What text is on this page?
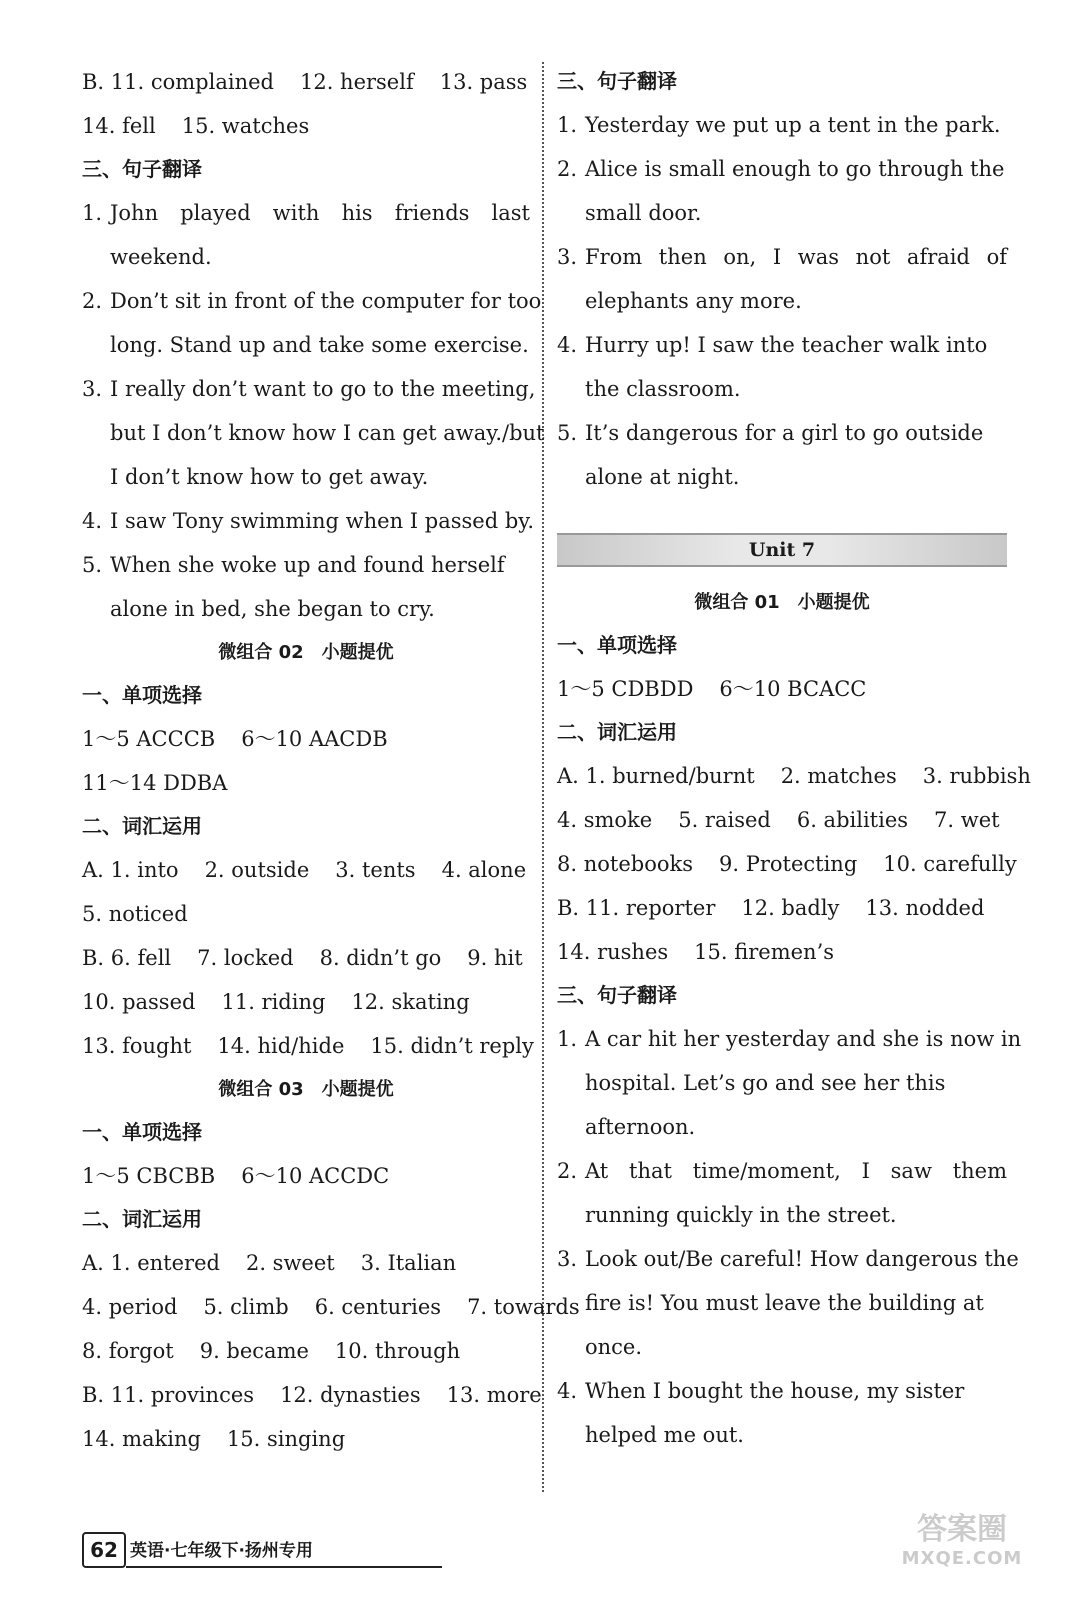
B. 11. complained 12. herself 13. pass
14. fell 15. watches
三、句子翻译
1. John played with his friends last
weekend.
2. Don’t sit in front of the computer for too
long. Stand up and take some exercise.
3. I really don’t want to go to the meeting,
but I don’t know how I can get away./but
I don’t know how to get away.
4. I saw Tony swimming when I passed by.
5. When she woke up and found herself
alone in bed, she began to cry.
微组合 02　小题提优
一、单项选择
1～5 ACCCB 6～10 AACDB
11～14 DDBA
二、词汇运用
A. 1. into 2. outside 3. tents 4. alone
5. noticed
B. 6. fell 7. locked 8. didn’t go 9. hit
10. passed 11. riding 12. skating
13. fought 14. hid/hide 15. didn’t reply
微组合 03　小题提优
一、单项选择
1～5 CBCBB 6～10 ACCDC
二、词汇运用
A. 1. entered 2. sweet 3. Italian
4. period 5. climb 6. centuries 7. towards
8. forgot 9. became 10. through
B. 11. provinces 12. dynasties 13. more
14. making 15. singing
三、句子翻译
1. Yesterday we put up a tent in the park.
2. Alice is small enough to go through the
small door.
3. From then on, I was not afraid of
elephants any more.
4. Hurry up! I saw the teacher walk into
the classroom.
5. It’s dangerous for a girl to go outside
alone at night.
Unit 7
微组合 01　小题提优
一、单项选择
1～5 CDBDD 6～10 BCACC
二、词汇运用
A. 1. burned/burnt 2. matches 3. rubbish
4. smoke 5. raised 6. abilities 7. wet
8. notebooks 9. Protecting 10. carefully
B. 11. reporter 12. badly 13. nodded
14. rushes 15. firemen’s
三、句子翻译
1. A car hit her yesterday and she is now in
hospital. Let’s go and see her this
afternoon.
2. At that time/moment, I saw them
running quickly in the street.
3. Look out/Be careful! How dangerous the
fire is! You must leave the building at
once.
4. When I bought the house, my sister
helped me out.
62 英语·七年级下·扬州专用
答案圈
MXQE.COM
